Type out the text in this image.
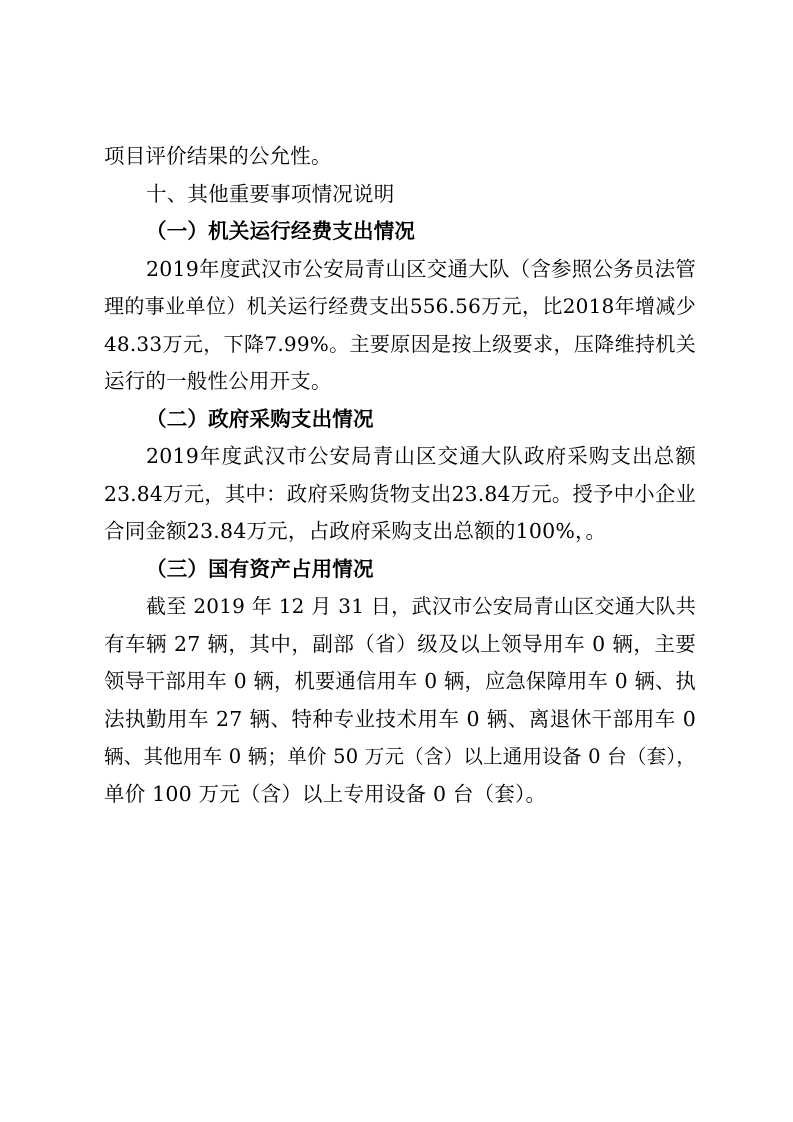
项目评价结果的公允性。
十、其他重要事项情况说明
（一）机关运行经费支出情况
2019年度武汉市公安局青山区交通大队（含参照公务员法管
理的事业单位）机关运行经费支出556.56万元，比2018年增减少
48.33万元，下降7.99%。主要原因是按上级要求，压降维持机关
运行的一般性公用开支。
（二）政府采购支出情况
2019年度武汉市公安局青山区交通大队政府采购支出总额
23.84万元，其中：政府采购货物支出23.84万元。授予中小企业
合同金额23.84万元，占政府采购支出总额的100%，。
（三）国有资产占用情况
截至 2019 年 12 月 31 日，武汉市公安局青山区交通大队共
有车辆 27 辆，其中，副部（省）级及以上领导用车 0 辆，主要
领导干部用车 0 辆，机要通信用车 0 辆，应急保障用车 0 辆、执
法执勤用车 27 辆、特种专业技术用车 0 辆、离退休干部用车 0
辆、其他用车 0 辆；单价 50 万元（含）以上通用设备 0 台（套），
单价 100 万元（含）以上专用设备 0 台（套）。
